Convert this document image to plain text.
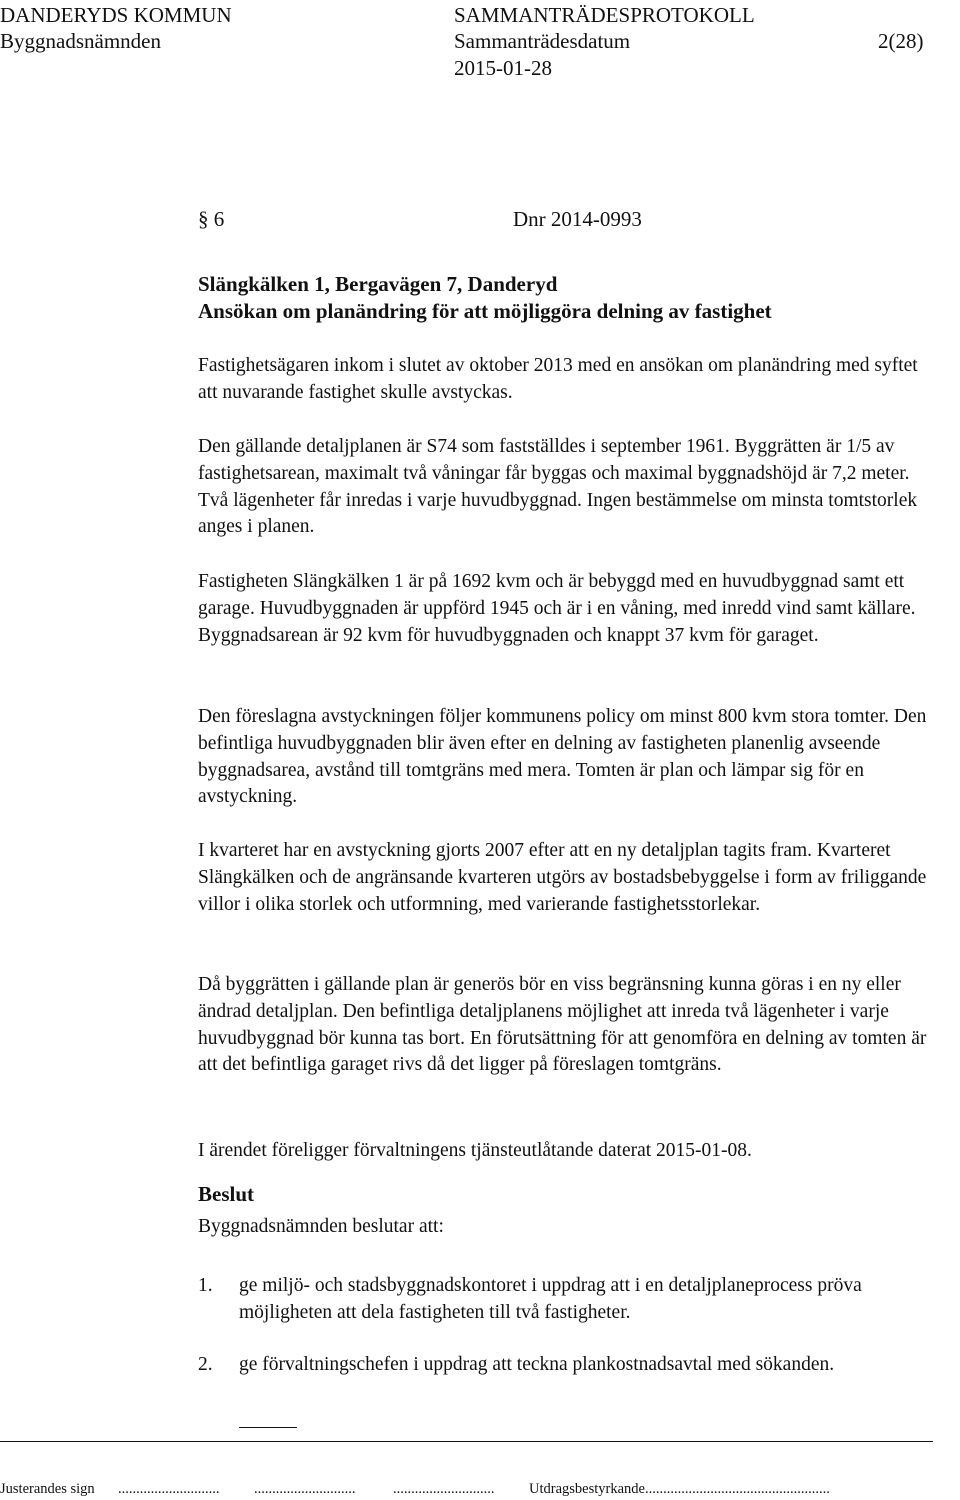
DANDERYDS KOMMUN	SAMMANTRÄDESPROTOKOLL
Byggnadsnämnden	Sammanträdesdatum	2(28)
2015-01-28
§ 6	Dnr 2014-0993
Slängkälken 1, Bergavägen 7, Danderyd
Ansökan om planändring för att möjliggöra delning av fastighet

Fastighetsägaren inkom i slutet av oktober 2013 med en ansökan om planändring med syftet att nuvarande fastighet skulle avstyckas.

Den gällande detaljplanen är S74 som fastställdes i september 1961. Byggrätten är 1/5 av fastighetsarean, maximalt två våningar får byggas och maximal byggnadshöjd är 7,2 meter. Två lägenheter får inredas i varje huvudbyggnad. Ingen bestämmelse om minsta tomtstorlek anges i planen.

Fastigheten Slängkälken 1 är på 1692 kvm och är bebyggd med en huvudbyggnad samt ett garage. Huvudbyggnaden är uppförd 1945 och är i en våning, med inredd vind samt källare. Byggnadsarean är 92 kvm för huvudbyggnaden och knappt 37 kvm för garaget.

Den föreslagna avstyckningen följer kommunens policy om minst 800 kvm stora tomter. Den befintliga huvudbyggnaden blir även efter en delning av fastigheten planenlig avseende byggnadsarea, avstånd till tomtgräns med mera. Tomten är plan och lämpar sig för en avstyckning.

I kvarteret har en avstyckning gjorts 2007 efter att en ny detaljplan tagits fram. Kvarteret Slängkälken och de angränsande kvarteren utgörs av bostadsbebyggelse i form av friliggande villor i olika storlek och utformning, med varierande fastighetsstorlekar.

Då byggrätten i gällande plan är generös bör en viss begränsning kunna göras i en ny eller ändrad detaljplan. Den befintliga detaljplanens möjlighet att inreda två lägenheter i varje huvudbyggnad bör kunna tas bort. En förutsättning för att genomföra en delning av tomten är att det befintliga garaget rivs då det ligger på föreslagen tomtgräns.

I ärendet föreligger förvaltningens tjänsteutlåtande daterat 2015-01-08.

Beslut

Byggnadsnämnden beslutar att:

1. ge miljö- och stadsbyggnadskontoret i uppdrag att i en detaljplaneprocess pröva möjligheten att dela fastigheten till två fastigheter.
2. ge förvaltningschefen i uppdrag att teckna plankostnadsavtal med sökanden.
Justerandes sign ............................ ............................	............................ Utdragsbestyrkande...................................................
